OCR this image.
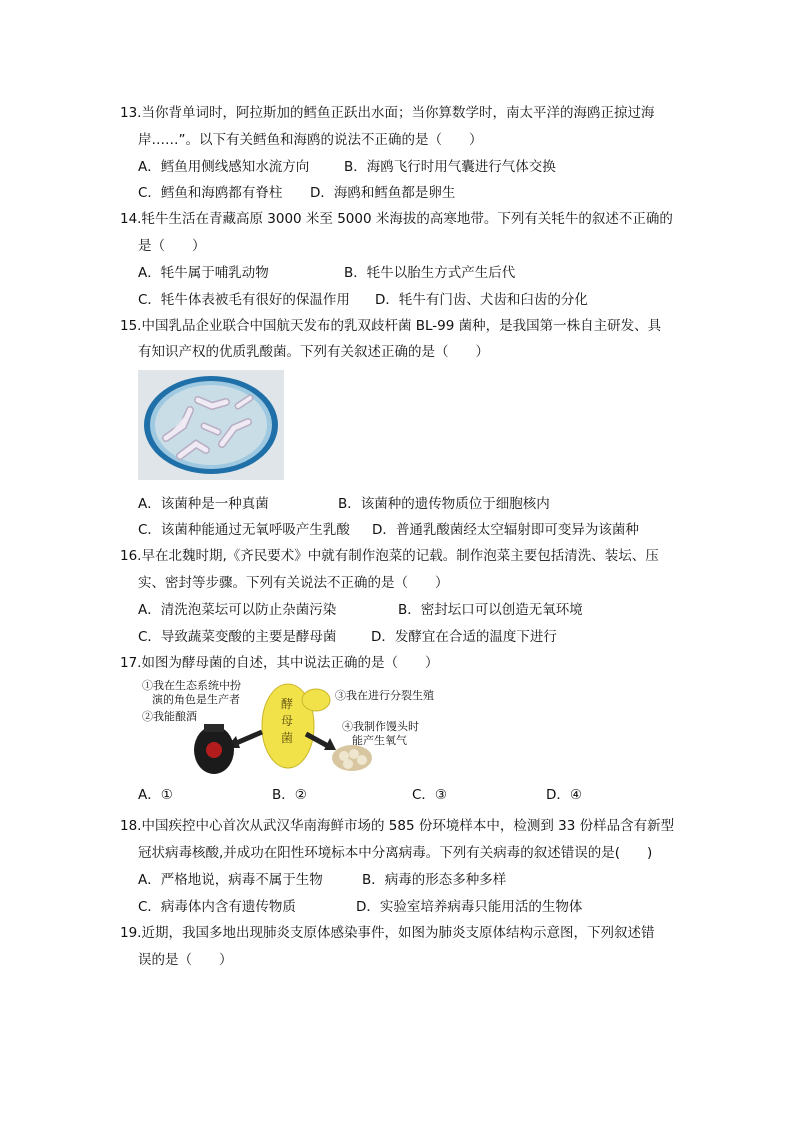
13.当你背单词时，阿拉斯加的鳕鱼正跃出水面；当你算数学时，南太平洋的海鸥正掠过海
岸……”。以下有关鳕鱼和海鸥的说法不正确的是（　　）
A．鳕鱼用侧线感知水流方向	B．海鸥飞行时用气囊进行气体交换
C．鳕鱼和海鸥都有脊柱 D．海鸥和鳕鱼都是卵生
14.牦牛生活在青藏高原 3000 米至 5000 米海拔的高寒地带。下列有关牦牛的叙述不正确的
是（　　）
A．牦牛属于哺乳动物	B．牦牛以胎生方式产生后代
C．牦牛体表被毛有很好的保温作用 D．牦牛有门齿、犬齿和臼齿的分化
15.中国乳品企业联合中国航天发布的乳双歧杆菌 BL-99 菌种，是我国第一株自主研发、具
有知识产权的优质乳酸菌。下列有关叙述正确的是（　　）
A．该菌种是一种真菌	B．该菌种的遗传物质位于细胞核内
C．该菌种能通过无氧呼吸产生乳酸 D．普通乳酸菌经太空辐射即可变异为该菌种
16.早在北魏时期,《齐民要术》中就有制作泡菜的记载。制作泡菜主要包括清洗、装坛、压
实、密封等步骤。下列有关说法不正确的是（　　）
A．清洗泡菜坛可以防止杂菌污染	B．密封坛口可以创造无氧环境
C．导致蔬菜变酸的主要是酵母菌	D．发酵宜在合适的温度下进行
17.如图为酵母菌的自述，其中说法正确的是（　　）
①我在生态系统中扮
演的角色是生产者
②我能酿酒
③我在进行分裂生殖
④我制作馒头时
能产生氧气
酵
母
菌
A．①	B．②	C．③	D．④
18.中国疾控中心首次从武汉华南海鲜市场的 585 份环境样本中，检测到 33 份样品含有新型
冠状病毒核酸,并成功在阳性环境标本中分离病毒。下列有关病毒的叙述错误的是(　　)
A．严格地说，病毒不属于生物	B．病毒的形态多种多样
C．病毒体内含有遗传物质	D．实验室培养病毒只能用活的生物体
19.近期，我国多地出现肺炎支原体感染事件，如图为肺炎支原体结构示意图，下列叙述错
误的是（　　）
